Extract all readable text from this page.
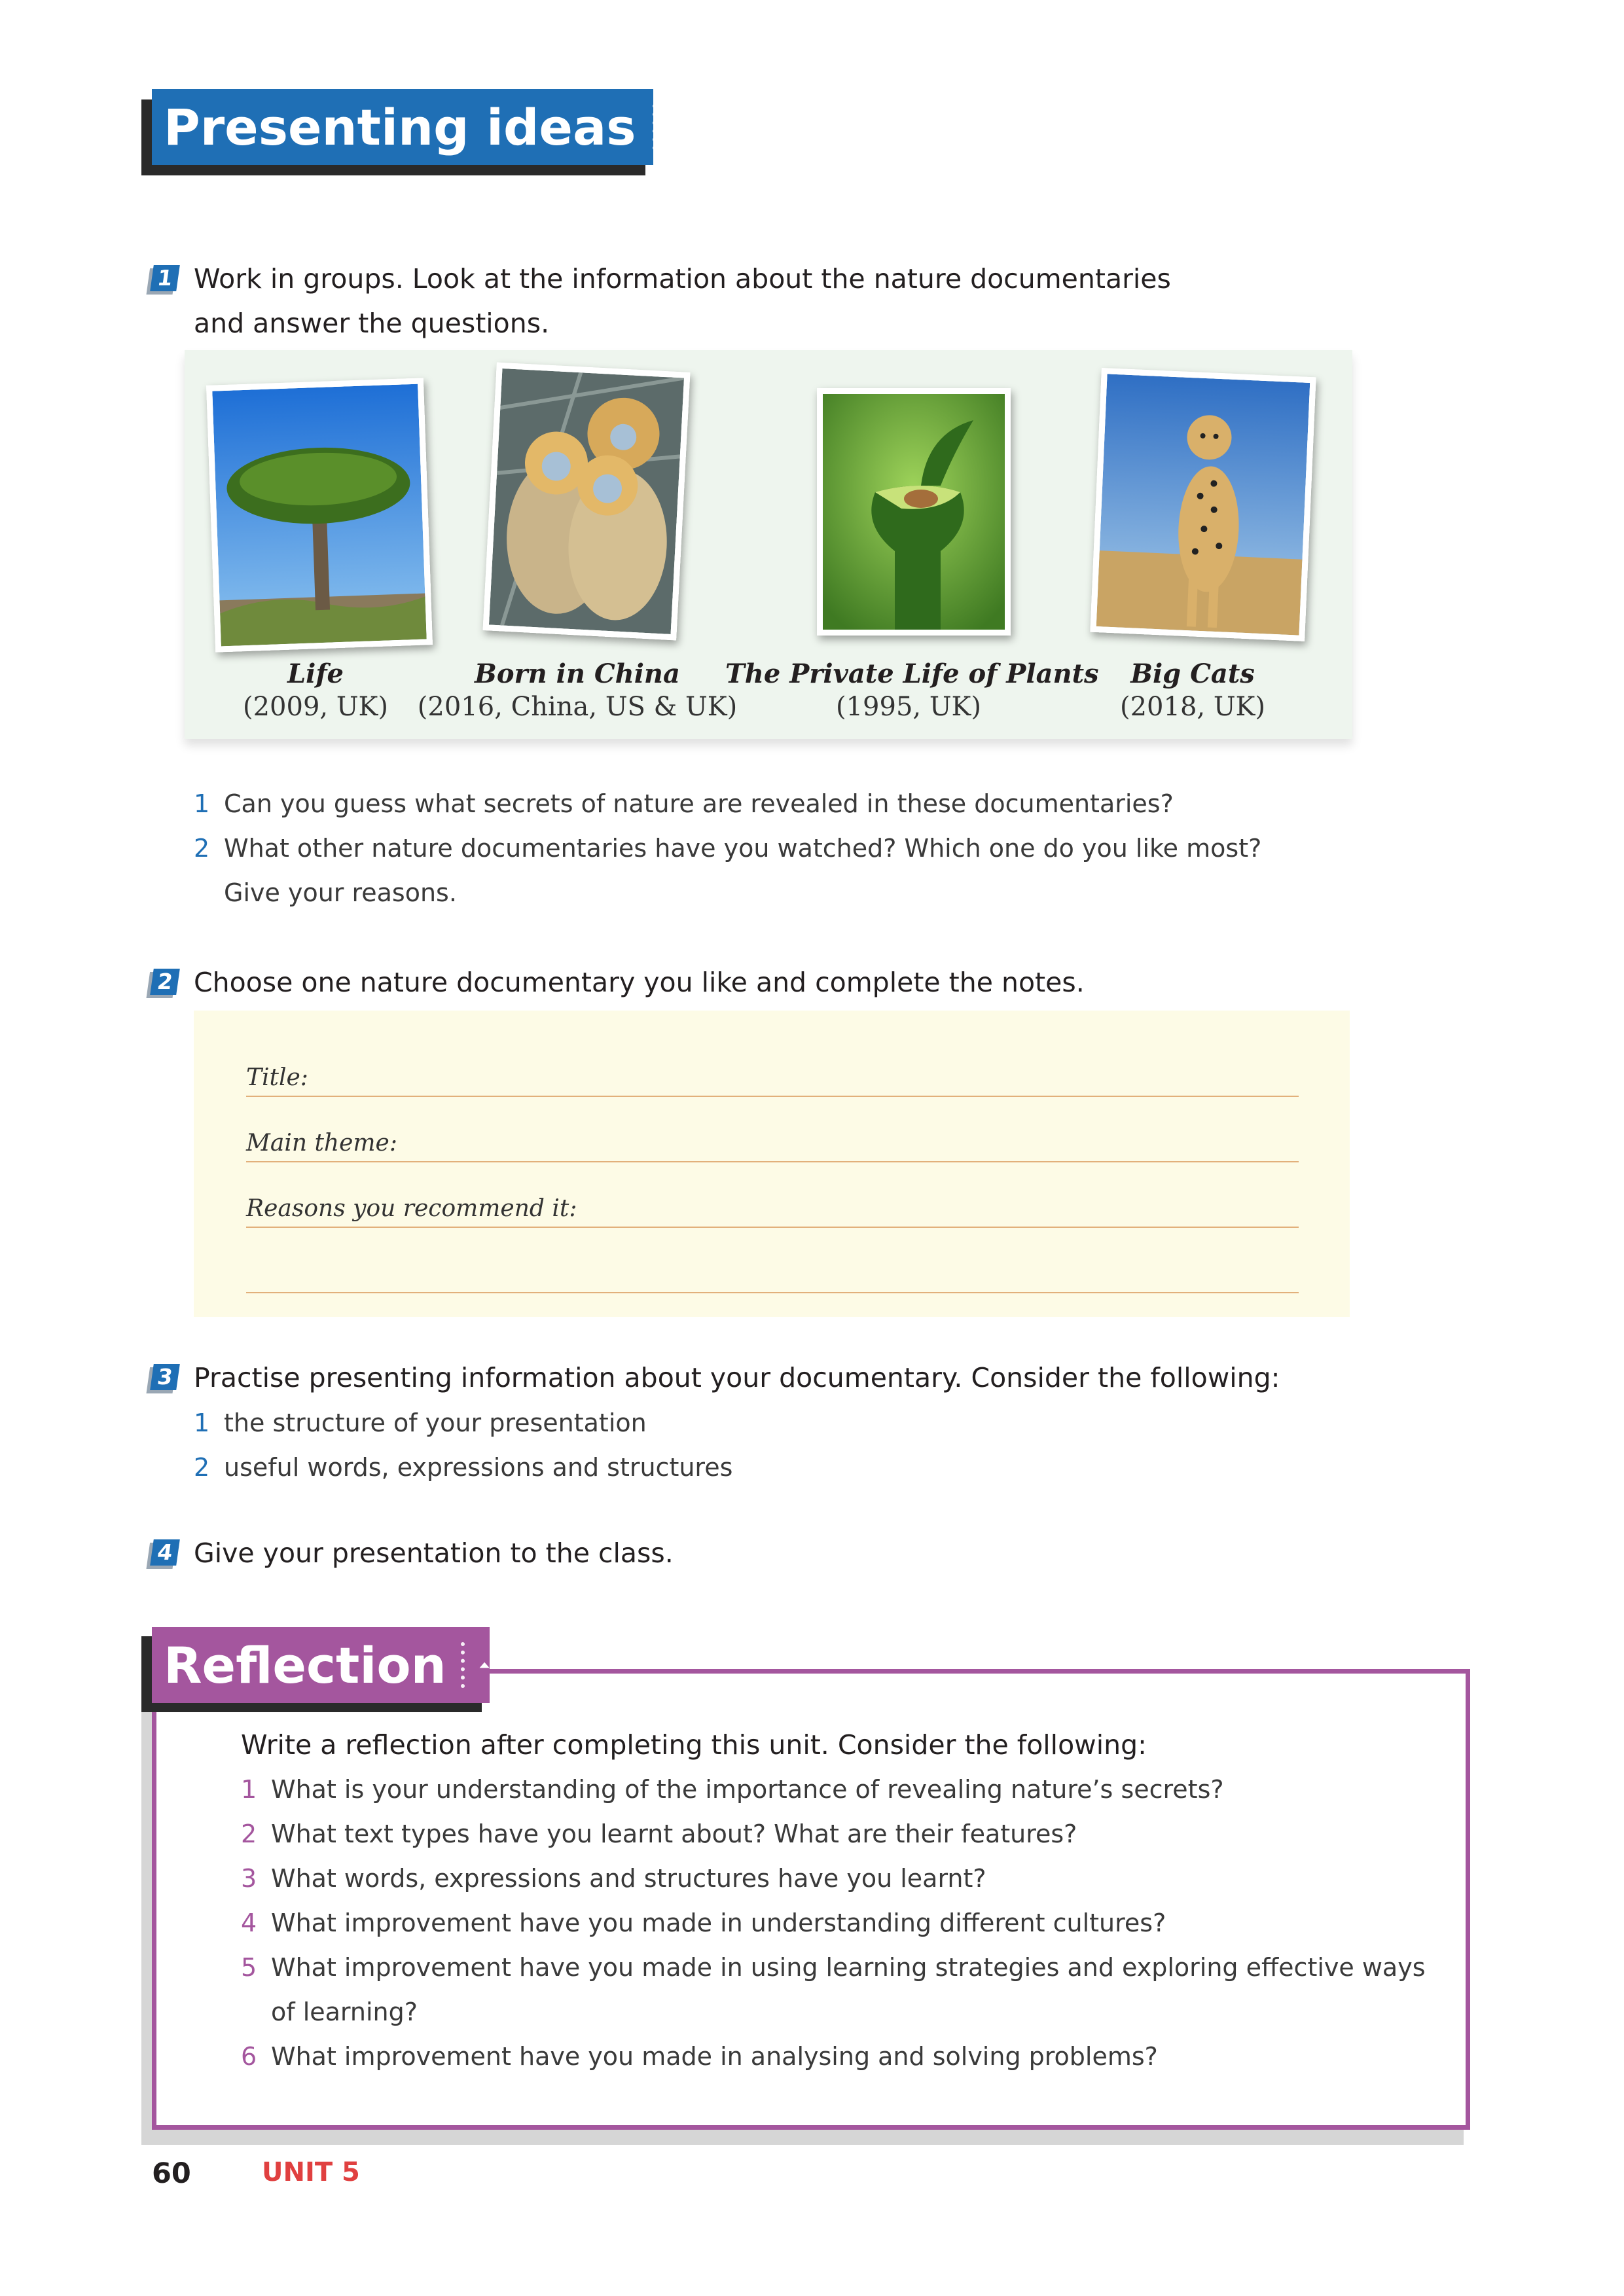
Presenting ideas
1 Work in groups. Look at the information about the nature documentaries
and answer the questions.
Life
(2009, UK)
Born in China
(2016, China, US & UK)
The Private Life of Plants
(1995, UK)
Big Cats
(2018, UK)
1 Can you guess what secrets of nature are revealed in these documentaries?
2 What other nature documentaries have you watched? Which one do you like most?
Give your reasons.
2 Choose one nature documentary you like and complete the notes.
Title:
Main theme:
Reasons you recommend it:
3 Practise presenting information about your documentary. Consider the following:
1 the structure of your presentation
2 useful words, expressions and structures
4 Give your presentation to the class.
Reflection
Write a reflection after completing this unit. Consider the following:
1 What is your understanding of the importance of revealing nature’s secrets?
2 What text types have you learnt about? What are their features?
3 What words, expressions and structures have you learnt?
4 What improvement have you made in understanding different cultures?
5 What improvement have you made in using learning strategies and exploring effective ways
of learning?
6 What improvement have you made in analysing and solving problems?
60	UNIT 5
